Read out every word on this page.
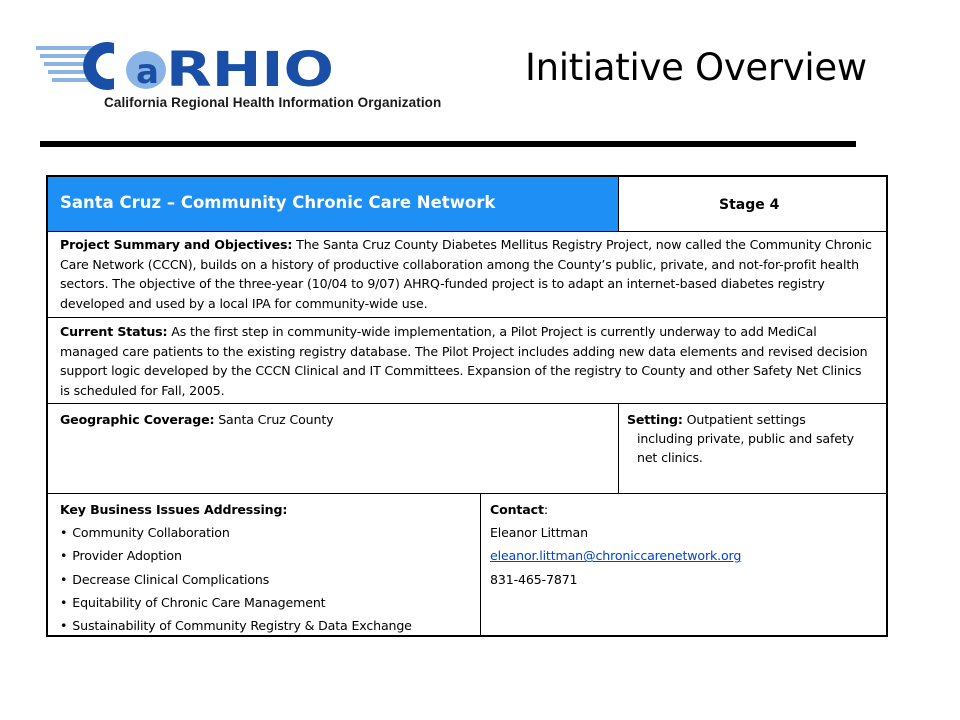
a RHIO
California Regional Health Information Organization
Initiative Overview
Santa Cruz – Community Chronic Care Network	Stage 4
Project Summary and Objectives: The Santa Cruz County Diabetes Mellitus Registry Project, now called the Community Chronic Care Network (CCCN), builds on a history of productive collaboration among the County’s public, private, and not-for-profit health sectors. The objective of the three-year (10/04 to 9/07) AHRQ-funded project is to adapt an internet-based diabetes registry developed and used by a local IPA for community-wide use.
Current Status: As the first step in community-wide implementation, a Pilot Project is currently underway to add MediCal managed care patients to the existing registry database. The Pilot Project includes adding new data elements and revised decision support logic developed by the CCCN Clinical and IT Committees. Expansion of the registry to County and other Safety Net Clinics is scheduled for Fall, 2005.
Geographic Coverage: Santa Cruz County	Setting: Outpatient settings
including private, public and safety net clinics.
Key Business Issues Addressing:
• Community Collaboration
• Provider Adoption
• Decrease Clinical Complications
• Equitability of Chronic Care Management
• Sustainability of Community Registry & Data Exchange
Contact:
Eleanor Littman
eleanor.littman@chroniccarenetwork.org
831-465-7871
